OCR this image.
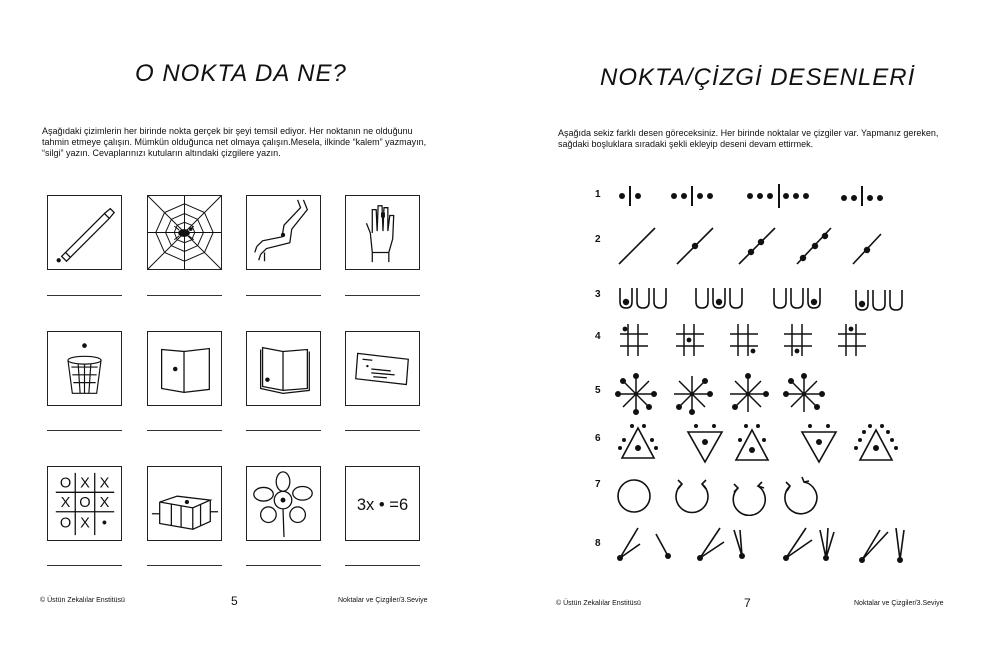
O NOKTA DA NE?
Aşağıdaki çizimlerin her birinde nokta gerçek bir şeyi temsil ediyor. Her noktanın ne olduğunu tahmin etmeye çalışın. Mümkün olduğunca net olmaya çalışın.Mesela, ilkinde “kalem” yazmayın, “silgi” yazın. Cevaplarınızı kutuların altındaki çizgilere yazın.
O X X
X O X
O X •
3x • =6
© Üstün Zekalılar Enstitüsü	5	Noktalar ve Çizgiler/3.Seviye
NOKTA/ÇİZGİ DESENLERİ
Aşağıda sekiz farklı desen göreceksiniz. Her birinde noktalar ve çizgiler var. Yapmanız gereken, sağdaki boşluklara sıradaki şekli ekleyip deseni devam ettirmek.
1
2
3
4
5
6
7
8
© Üstün Zekalılar Enstitüsü	7	Noktalar ve Çizgiler/3.Seviye
